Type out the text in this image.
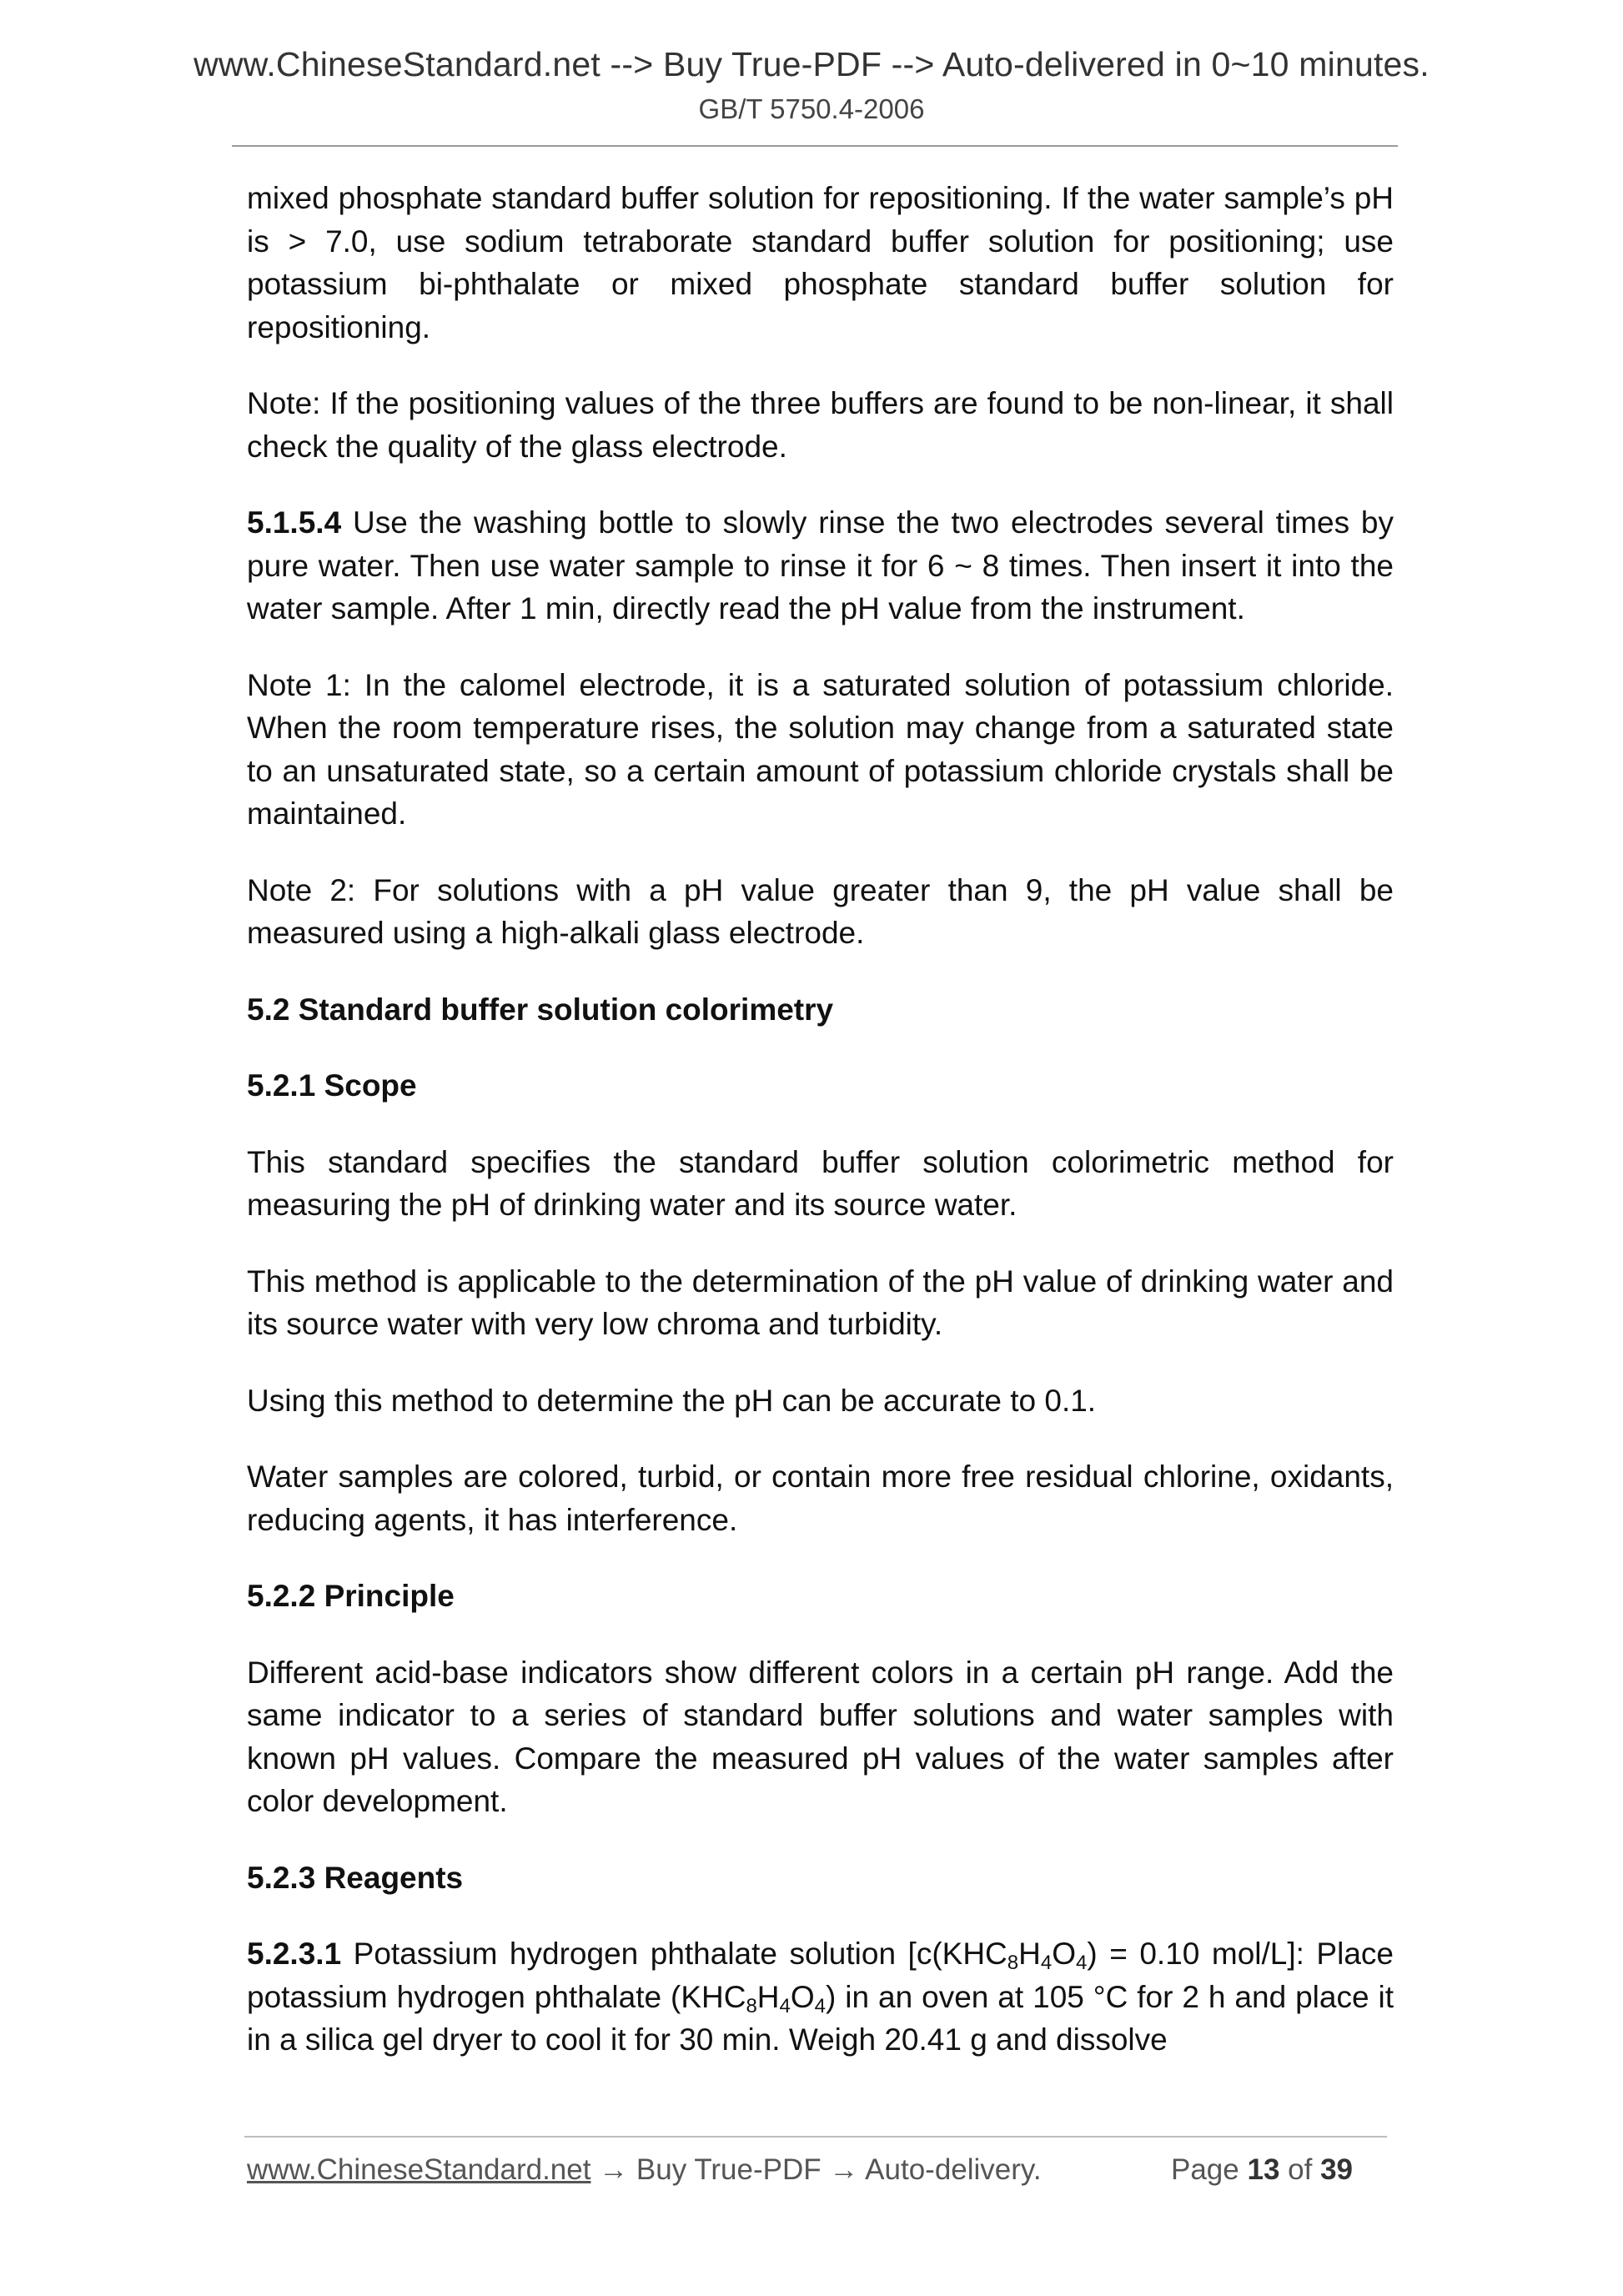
www.ChineseStandard.net --> Buy True-PDF --> Auto-delivered in 0~10 minutes.
GB/T 5750.4-2006

mixed phosphate standard buffer solution for repositioning. If the water sample’s pH is > 7.0, use sodium tetraborate standard buffer solution for positioning; use potassium bi-phthalate or mixed phosphate standard buffer solution for repositioning.

Note: If the positioning values of the three buffers are found to be non-linear, it shall check the quality of the glass electrode.

5.1.5.4 Use the washing bottle to slowly rinse the two electrodes several times by pure water. Then use water sample to rinse it for 6 ~ 8 times. Then insert it into the water sample. After 1 min, directly read the pH value from the instrument.

Note 1: In the calomel electrode, it is a saturated solution of potassium chloride. When the room temperature rises, the solution may change from a saturated state to an unsaturated state, so a certain amount of potassium chloride crystals shall be maintained.

Note 2: For solutions with a pH value greater than 9, the pH value shall be measured using a high-alkali glass electrode.

5.2 Standard buffer solution colorimetry

5.2.1 Scope

This standard specifies the standard buffer solution colorimetric method for measuring the pH of drinking water and its source water.

This method is applicable to the determination of the pH value of drinking water and its source water with very low chroma and turbidity.

Using this method to determine the pH can be accurate to 0.1.

Water samples are colored, turbid, or contain more free residual chlorine, oxidants, reducing agents, it has interference.

5.2.2 Principle

Different acid-base indicators show different colors in a certain pH range. Add the same indicator to a series of standard buffer solutions and water samples with known pH values. Compare the measured pH values of the water samples after color development.

5.2.3 Reagents

5.2.3.1 Potassium hydrogen phthalate solution [$c(KHC_8H_4O_4) = 0.10$ mol/L]: Place potassium hydrogen phthalate $(KHC_8H_4O_4)$ in an oven at 105 °C for 2 h and place it in a silica gel dryer to cool it for 30 min. Weigh 20.41 g and dissolve

www.ChineseStandard.net → Buy True-PDF → Auto-delivery.	Page 13 of 39
